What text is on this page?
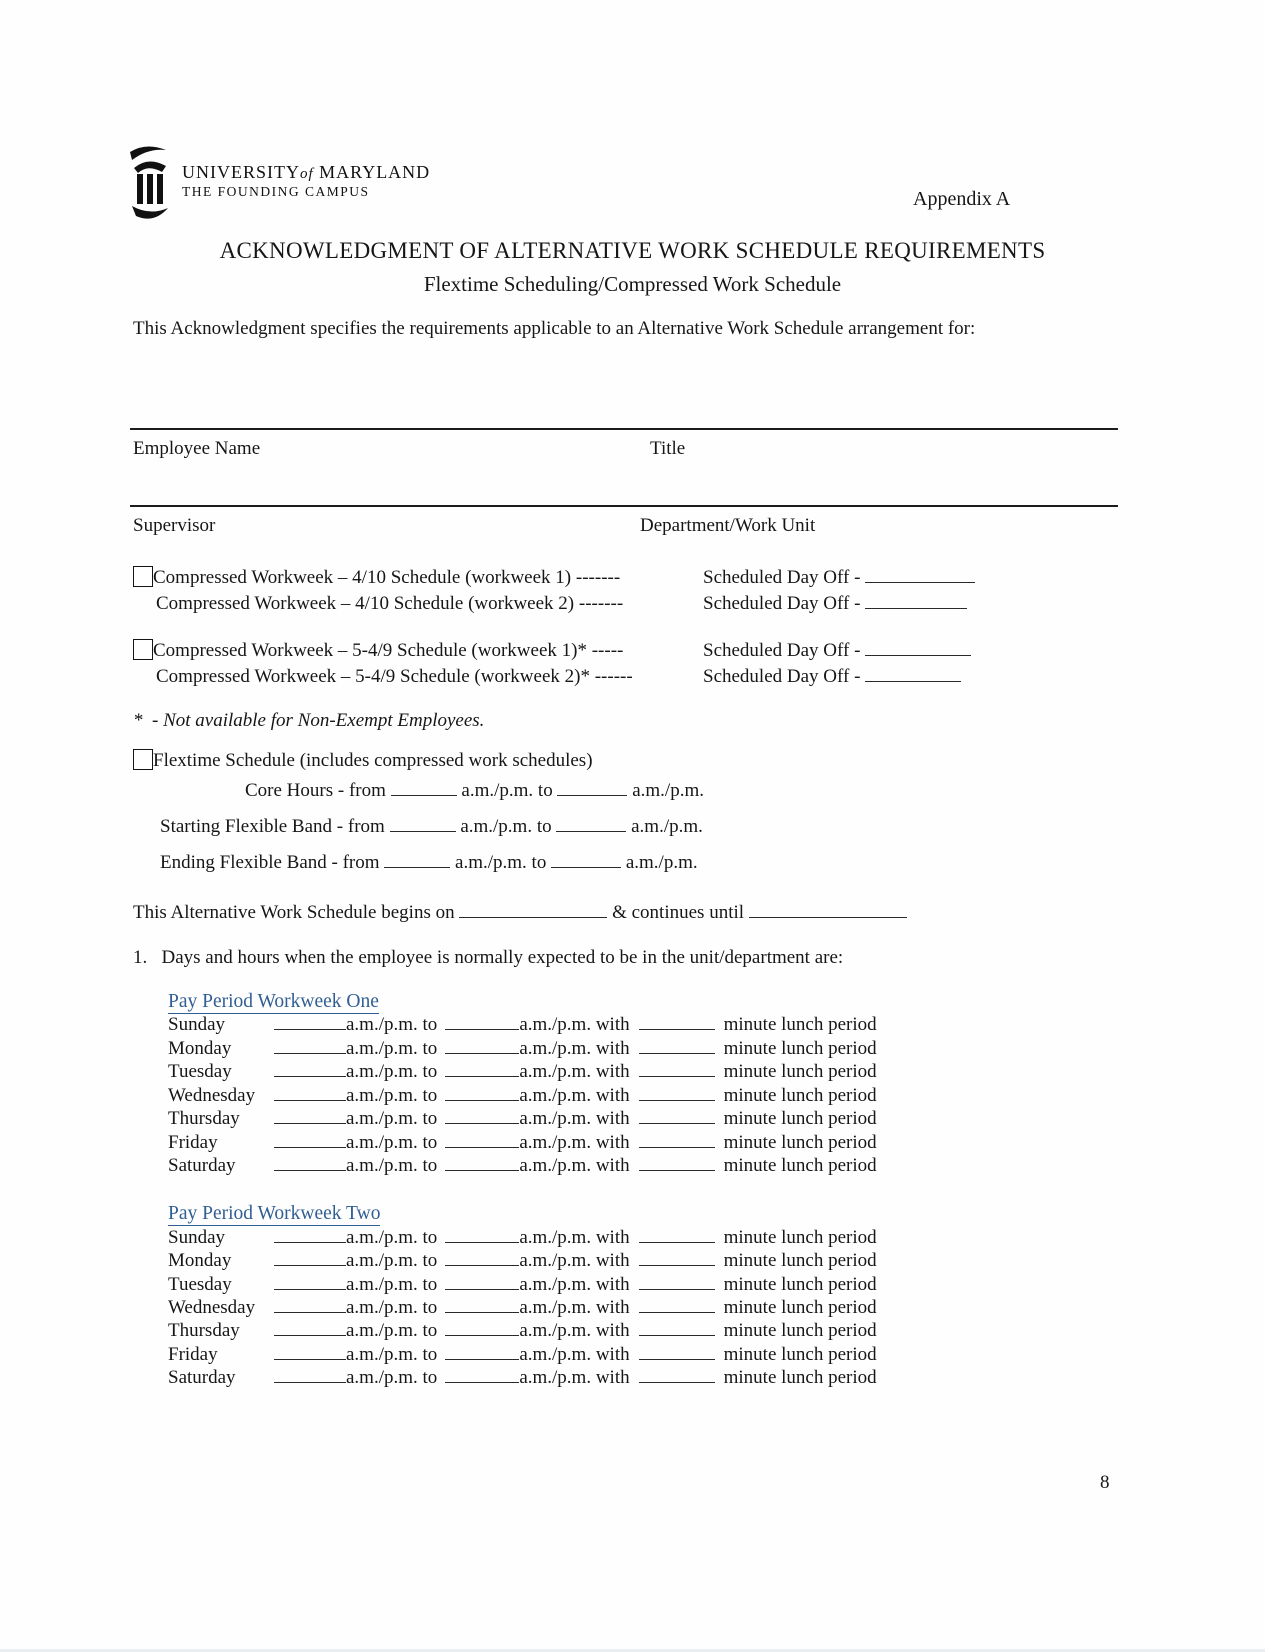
UNIVERSITYof MARYLAND
THE FOUNDING CAMPUS	Appendix A
ACKNOWLEDGMENT OF ALTERNATIVE WORK SCHEDULE REQUIREMENTS
Flextime Scheduling/Compressed Work Schedule
This Acknowledgment specifies the requirements applicable to an Alternative Work Schedule arrangement for:
Employee Name	Title
Supervisor	Department/Work Unit
Compressed Workweek – 4/10 Schedule (workweek 1) -------	Scheduled Day Off -
Compressed Workweek – 4/10 Schedule (workweek 2) -------	Scheduled Day Off -
Compressed Workweek – 5-4/9 Schedule (workweek 1)* -----	Scheduled Day Off -
Compressed Workweek – 5-4/9 Schedule (workweek 2)* ------	Scheduled Day Off -
* - Not available for Non-Exempt Employees.
Flextime Schedule (includes compressed work schedules)
Core Hours - from	a.m./p.m. to	a.m./p.m.
Starting Flexible Band - from	a.m./p.m. to	a.m./p.m.
Ending Flexible Band - from	a.m./p.m. to	a.m./p.m.
This Alternative Work Schedule begins on	& continues until
1. Days and hours when the employee is normally expected to be in the unit/department are:
Pay Period Workweek One
Sunday	a.m./p.m. to	a.m./p.m. with	minute lunch period
Monday	a.m./p.m. to	a.m./p.m. with	minute lunch period
Tuesday	a.m./p.m. to	a.m./p.m. with	minute lunch period
Wednesday	a.m./p.m. to	a.m./p.m. with	minute lunch period
Thursday	a.m./p.m. to	a.m./p.m. with	minute lunch period
Friday	a.m./p.m. to	a.m./p.m. with	minute lunch period
Saturday	a.m./p.m. to	a.m./p.m. with	minute lunch period
Pay Period Workweek Two
Sunday	a.m./p.m. to	a.m./p.m. with	minute lunch period
Monday	a.m./p.m. to	a.m./p.m. with	minute lunch period
Tuesday	a.m./p.m. to	a.m./p.m. with	minute lunch period
Wednesday	a.m./p.m. to	a.m./p.m. with	minute lunch period
Thursday	a.m./p.m. to	a.m./p.m. with	minute lunch period
Friday	a.m./p.m. to	a.m./p.m. with	minute lunch period
Saturday	a.m./p.m. to	a.m./p.m. with	minute lunch period
8
